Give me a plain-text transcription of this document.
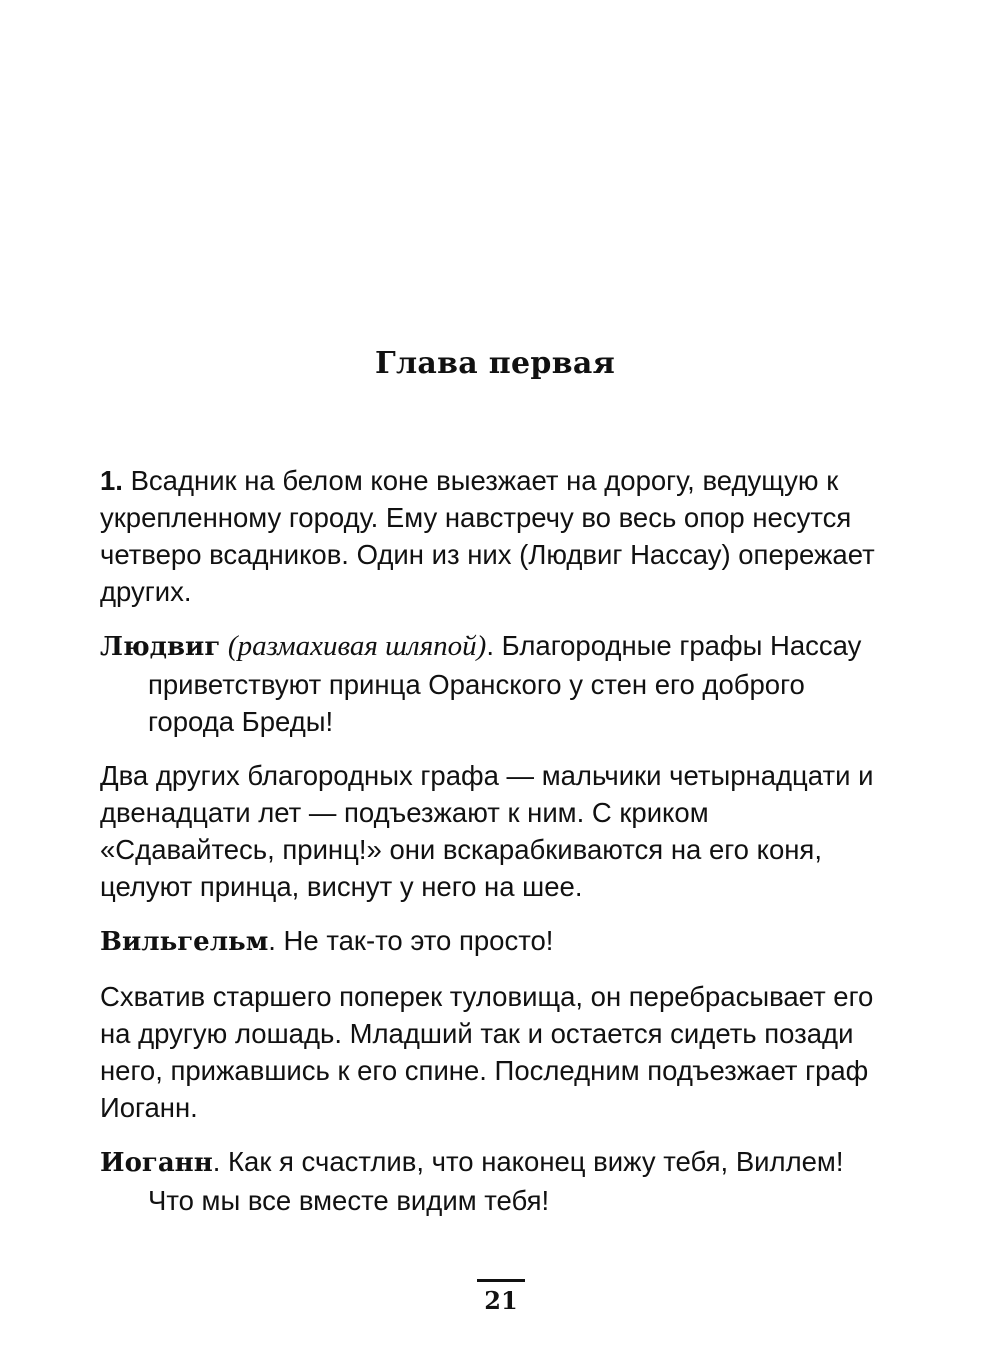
Глава первая

1. Всадник на белом коне выезжает на дорогу, ведущую к укрепленному городу. Ему навстречу во весь опор несутся четверо всадников. Один из них (Людвиг Нассау) опережает других.

Людвиг (размахивая шляпой). Благородные графы Нассау приветствуют принца Оранского у стен его доброго города Бреды!

Два других благородных графа — мальчики четырнадцати и двенадцати лет — подъезжают к ним. С криком «Сдавайтесь, принц!» они вскарабкиваются на его коня, целуют принца, виснут у него на шее.

Вильгельм. Не так-то это просто!

Схватив старшего поперек туловища, он перебрасывает его на другую лошадь. Младший так и остается сидеть позади него, прижавшись к его спине. Последним подъезжает граф Иоганн.

Иоганн. Как я счастлив, что наконец вижу тебя, Виллем! Что мы все вместе видим тебя!

21
